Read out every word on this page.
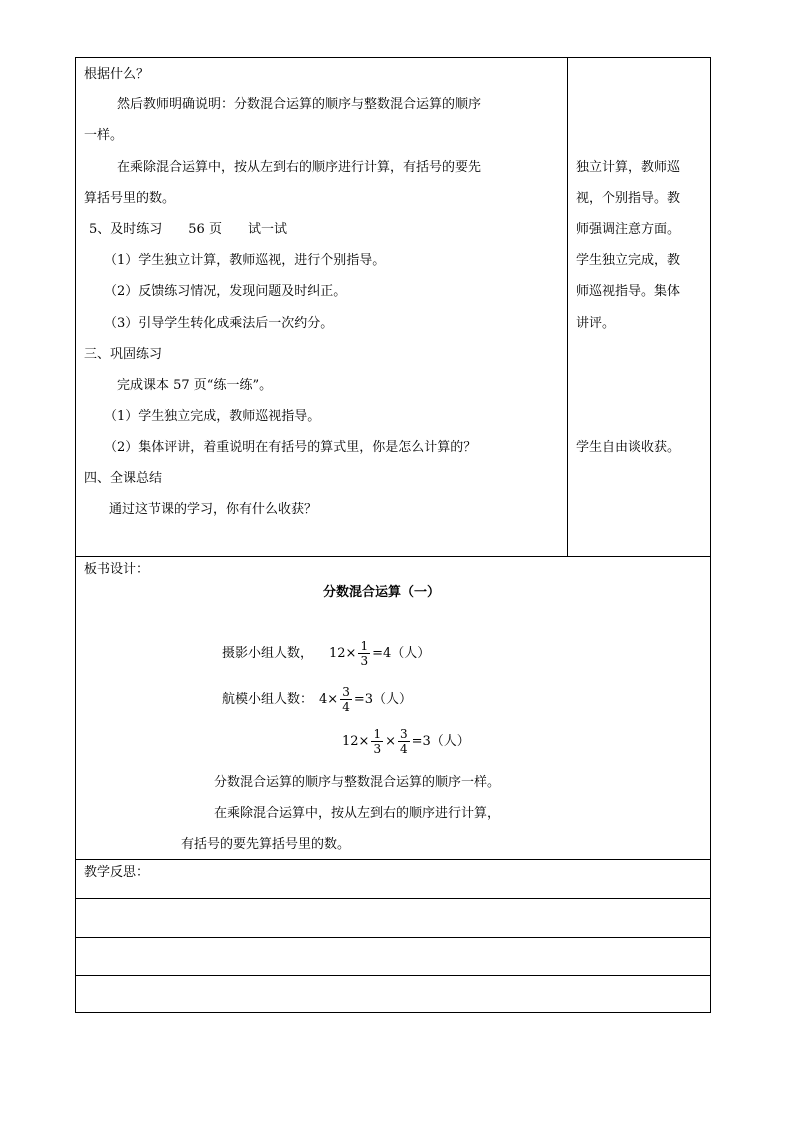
根据什么？
然后教师明确说明：分数混合运算的顺序与整数混合运算的顺序
一样。
在乘除混合运算中，按从左到右的顺序进行计算，有括号的要先
算括号里的数。
5、及时练习　　56 页　　试一试
（1）学生独立计算，教师巡视，进行个别指导。
（2）反馈练习情况，发现问题及时纠正。
（3）引导学生转化成乘法后一次约分。
三、巩固练习
完成课本 57 页“练一练”。
（1）学生独立完成，教师巡视指导。
（2）集体评讲，着重说明在有括号的算式里，你是怎么计算的？
四、全课总结
通过这节课的学习，你有什么收获？
独立计算，教师巡
视，个别指导。教
师强调注意方面。
学生独立完成，教
师巡视指导。集体
讲评。
学生自由谈收获。
板书设计：
分数混合运算（一）
摄影小组人数， $12\times \frac{1}{3} =4$（人）
航模小组人数： $4\times \frac{3}{4} =3$（人）
$12\times \frac{1}{3} \times \frac{3}{4} =3$（人）
分数混合运算的顺序与整数混合运算的顺序一样。
在乘除混合运算中，按从左到右的顺序进行计算，
有括号的要先算括号里的数。
教学反思：
